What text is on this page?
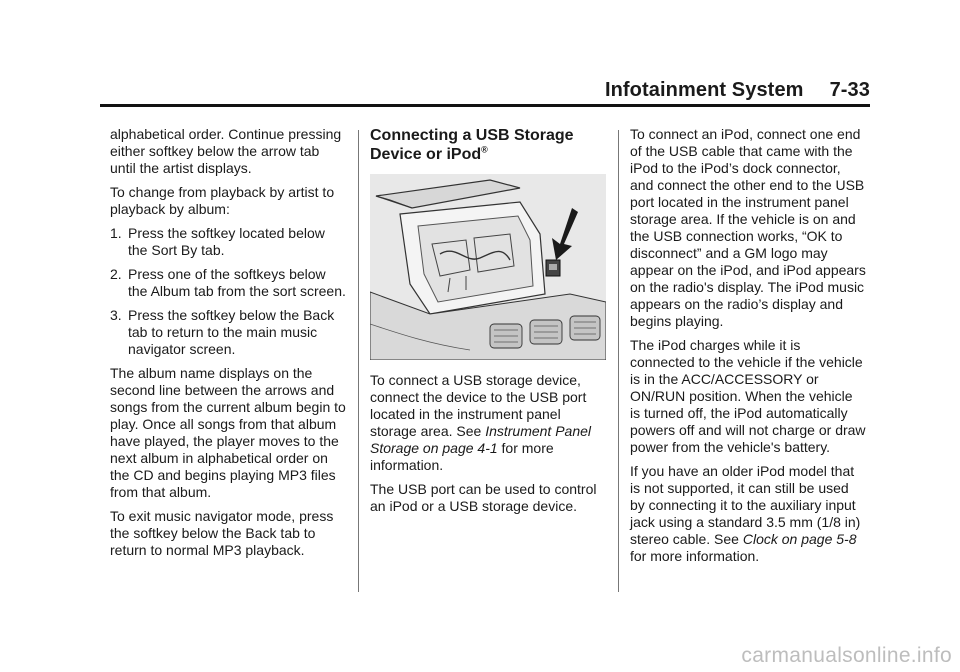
Infotainment System 7-33

alphabetical order. Continue pressing either softkey below the arrow tab until the artist displays.

To change from playback by artist to playback by album:

1. Press the softkey located below the Sort By tab.
2. Press one of the softkeys below the Album tab from the sort screen.
3. Press the softkey below the Back tab to return to the main music navigator screen.

The album name displays on the second line between the arrows and songs from the current album begin to play. Once all songs from that album have played, the player moves to the next album in alphabetical order on the CD and begins playing MP3 files from that album.

To exit music navigator mode, press the softkey below the Back tab to return to normal MP3 playback.

Connecting a USB Storage Device or iPod®

To connect a USB storage device, connect the device to the USB port located in the instrument panel storage area. See Instrument Panel Storage on page 4-1 for more information.

The USB port can be used to control an iPod or a USB storage device.

To connect an iPod, connect one end of the USB cable that came with the iPod to the iPod’s dock connector, and connect the other end to the USB port located in the instrument panel storage area. If the vehicle is on and the USB connection works, “OK to disconnect” and a GM logo may appear on the iPod, and iPod appears on the radio's display. The iPod music appears on the radio’s display and begins playing.

The iPod charges while it is connected to the vehicle if the vehicle is in the ACC/ACCESSORY or ON/RUN position. When the vehicle is turned off, the iPod automatically powers off and will not charge or draw power from the vehicle's battery.

If you have an older iPod model that is not supported, it can still be used by connecting it to the auxiliary input jack using a standard 3.5 mm (1/8 in) stereo cable. See Clock on page 5-8 for more information.

carmanualsonline.info
